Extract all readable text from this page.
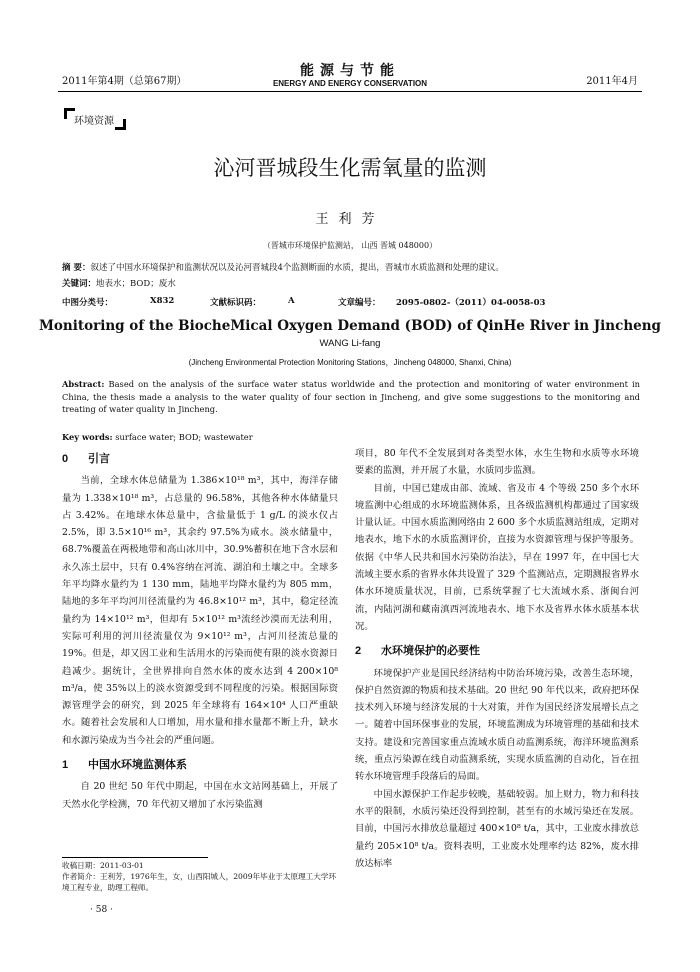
2011年第4期（总第67期）
能源与节能
ENERGY AND ENERGY CONSERVATION	2011年4月
环境资源
沁河晋城段生化需氧量的监测
王利芳
（晋城市环境保护监测站， 山西 晋城 048000）
摘 要：叙述了中国水环境保护和监测状况以及沁河晋城段4个监测断面的水质，提出，晋城市水质监测和处理的建议。
关键词：地表水；BOD；废水
中图分类号：	X832	文献标识码：	A	文章编号： 2095-0802-（2011）04-0058-03
Monitoring of the BiocheMical Oxygen Demand (BOD) of QinHe River in Jincheng
WANG Li-fang
(Jincheng Environmental Protection Monitoring Stations，Jincheng 048000, Shanxi, China)
Abstract: Based on the analysis of the surface water status worldwide and the protection and monitoring of water environment in China, the thesis made a analysis to the water quality of four section in Jincheng, and give some suggestions to the monitoring and treating of water quality in Jincheng.
Key words: surface water; BOD; wastewater
0 引言

当前，全球水体总储量为 1.386×10¹⁸ m³，其中，海洋存储量为 1.338×10¹⁸ m³，占总量的 96.58%，其他各种水体储量只占 3.42%。在地球水体总量中，含盐量低于 1 g/L 的淡水仅占 2.5%，即 3.5×10¹⁶ m³，其余约 97.5%为咸水。淡水储量中，68.7%覆盖在两极地带和高山冰川中，30.9%蓄积在地下含水层和永久冻土层中，只有 0.4%容纳在河流、湖泊和土壤之中。全球多年平均降水量约为 1 130 mm，陆地平均降水量约为 805 mm，陆地的多年平均河川径流量约为 46.8×10¹² m³，其中，稳定径流量约为 14×10¹² m³，但却有 5×10¹² m³流经沙漠而无法利用，实际可利用的河川径流量仅为 9×10¹² m³，占河川径流总量的 19%。但是，却又因工业和生活用水的污染而使有限的淡水资源日趋减少。据统计，全世界排向自然水体的废水达到 4 200×10⁸ m³/a，使 35%以上的淡水资源受到不同程度的污染。根据国际资源管理学会的研究，到 2025 年全球将有 164×10⁴ 人口严重缺水。随着社会发展和人口增加，用水量和排水量都不断上升，缺水和水源污染成为当今社会的严重问题。

1 中国水环境监测体系

自 20 世纪 50 年代中期起，中国在水文站网基础上，开展了天然水化学检测，70 年代初又增加了水污染监测

项目，80 年代不全发展到对各类型水体，水生生物和水质等水环境要素的监测，并开展了水量，水质同步监测。

目前，中国已建成由部、流域、省及市 4 个等级 250 多个水环境监测中心组成的水环境监测体系，且各级监测机构都通过了国家级计量认证。中国水质监测网络由 2 600 多个水质监测站组成，定期对地表水，地下水的水质监测评价，直接为水资源管理与保护等服务。依据《中华人民共和国水污染防治法》，早在 1997 年，在中国七大流域主要水系的省界水体共设置了 329 个监测站点，定期测报省界水体水环境质量状况，目前，已系统掌握了七大流域水系、浙闽台河流，内陆河湖和藏南滇西河流地表水、地下水及省界水体水质基本状况。

2 水环境保护的必要性

环境保护产业是国民经济结构中防治环境污染，改善生态环境，保护自然资源的物质和技术基础。20 世纪 90 年代以来，政府把环保技术列入环境与经济发展的十大对策，并作为国民经济发展增长点之一。随着中国环保事业的发展，环境监测成为环境管理的基础和技术支持。建设和完善国家重点流域水质自动监测系统，海洋环境监测系统，重点污染源在线自动监测系统，实现水质监测的自动化，旨在扭转水环境管理手段落后的局面。

中国水源保护工作起步较晚，基础较弱。加上财力，物力和科技水平的限制，水质污染还没得到控制，甚至有的水域污染还在发展。目前，中国污水排放总量超过 400×10⁸ t/a，其中，工业废水排放总量约 205×10⁸ t/a。资料表明，工业废水处理率约达 82%，废水排放达标率

收稿日期：2011-03-01
作者简介：王利芳，1976年生，女，山西阳城人，2009年毕业于太原理工大学环境工程专业，助理工程师。
· 58 ·
